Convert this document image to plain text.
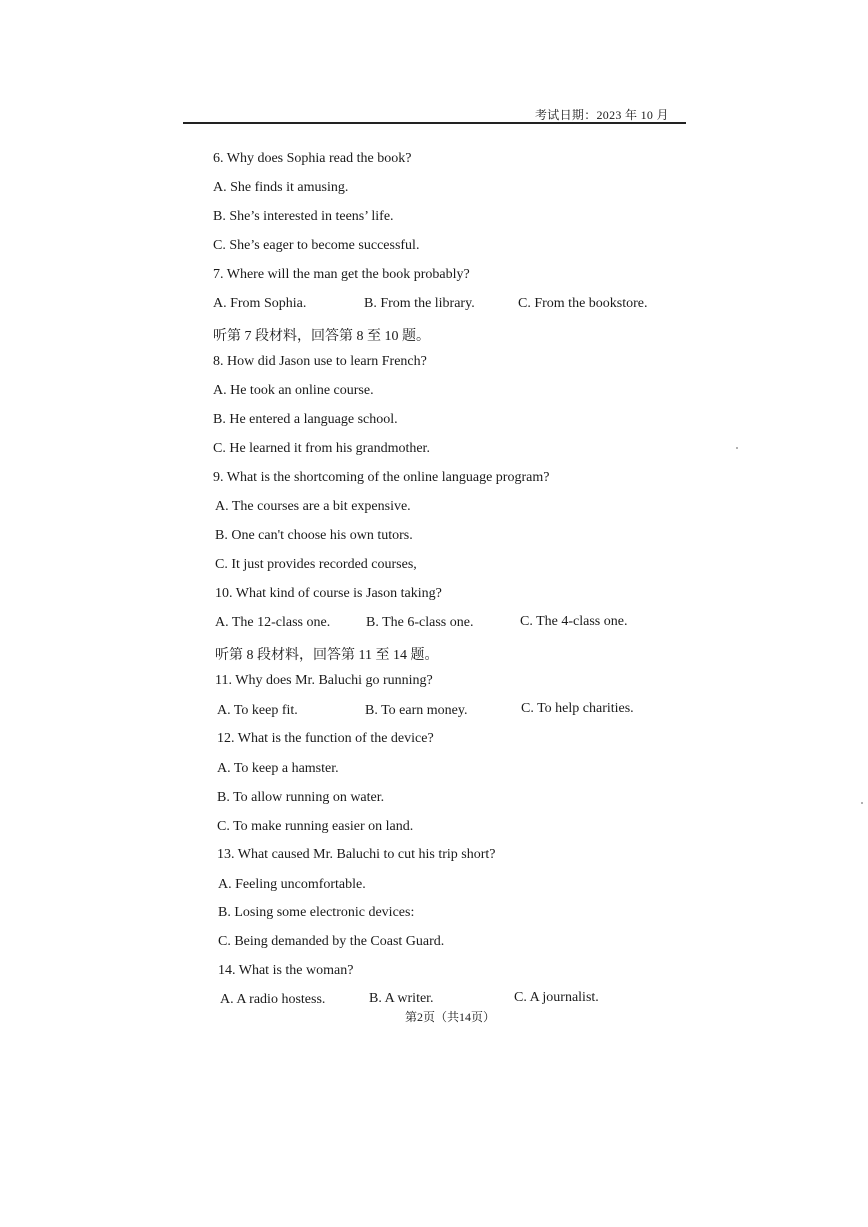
考试日期：2023 年 10 月
6. Why does Sophia read the book?
A. She finds it amusing.
B. She’s interested in teens’ life.
C. She’s eager to become successful.
7. Where will the man get the book probably?
A. From Sophia.	B. From the library.	C. From the bookstore.
听第 7 段材料，回答第 8 至 10 题。
8. How did Jason use to learn French?
A. He took an online course.
B. He entered a language school.
C. He learned it from his grandmother.
9. What is the shortcoming of the online language program?
A. The courses are a bit expensive.
B. One can't choose his own tutors.
C. It just provides recorded courses,
10. What kind of course is Jason taking?
A. The 12-class one.	B. The 6-class one.	C. The 4-class one.
听第 8 段材料，回答第 11 至 14 题。
11. Why does Mr. Baluchi go running?
A. To keep fit.	B. To earn money.	C. To help charities.
12. What is the function of the device?
A. To keep a hamster.
B. To allow running on water.
C. To make running easier on land.
13. What caused Mr. Baluchi to cut his trip short?
A. Feeling uncomfortable.
B. Losing some electronic devices:
C. Being demanded by the Coast Guard.
14. What is the woman?
A. A radio hostess.	B. A writer.	C. A journalist.
第2页（共14页）
